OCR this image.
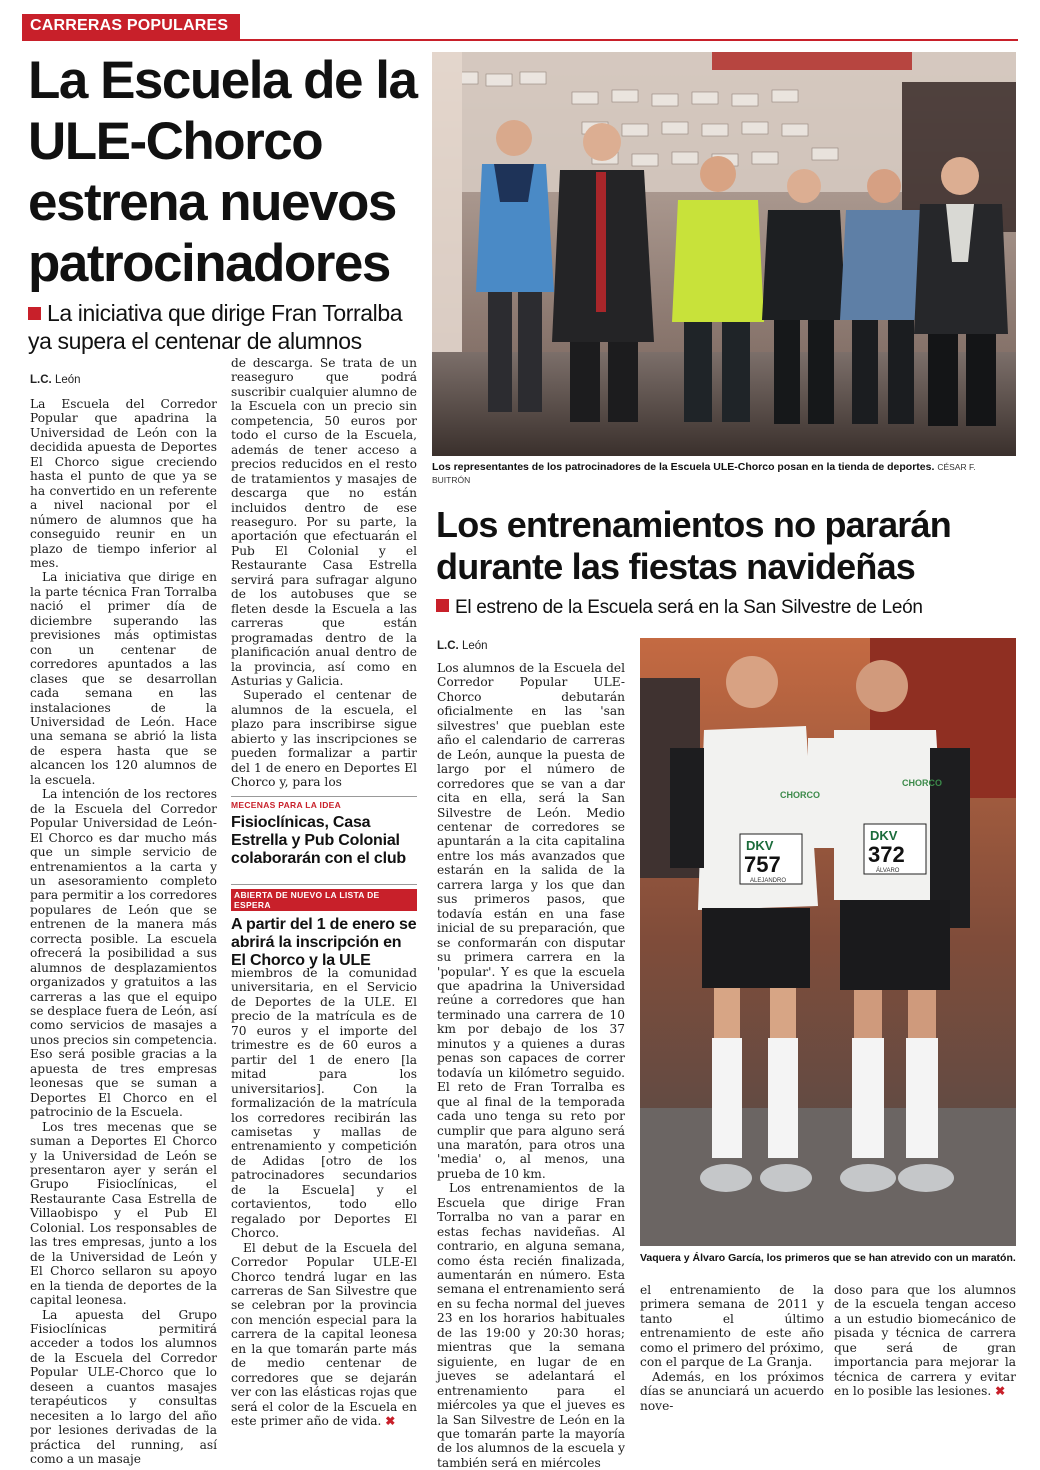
CARRERAS POPULARES
La Escuela de la ULE-Chorco estrena nuevos patrocinadores
La iniciativa que dirige Fran Torralba ya supera el centenar de alumnos
L.C. León

La Escuela del Corredor Popular que apadrina la Universidad de León con la decidida apuesta de Deportes El Chorco sigue creciendo hasta el punto de que ya se ha convertido en un referente a nivel nacional por el número de alumnos que ha conseguido reunir en un plazo de tiempo inferior al mes.

La iniciativa que dirige en la parte técnica Fran Torralba nació el primer día de diciembre superando las previsiones más optimistas con un centenar de corredores apuntados a las clases que se desarrollan cada semana en las instalaciones de la Universidad de León. Hace una semana se abrió la lista de espera hasta que se alcancen los 120 alumnos de la escuela.

La intención de los rectores de la Escuela del Corredor Popular Universidad de León-El Chorco es dar mucho más que un simple servicio de entrenamientos a la carta y un asesoramiento completo para permitir a los corredores populares de León que se entrenen de la manera más correcta posible. La escuela ofrecerá la posibilidad a sus alumnos de desplazamientos organizados y gratuitos a las carreras a las que el equipo se desplace fuera de León, así como servicios de masajes a unos precios sin competencia. Eso será posible gracias a la apuesta de tres empresas leonesas que se suman a Deportes El Chorco en el patrocinio de la Escuela.

Los tres mecenas que se suman a Deportes El Chorco y la Universidad de León se presentaron ayer y serán el Grupo Fisioclínicas, el Restaurante Casa Estrella de Villaobispo y el Pub El Colonial. Los responsables de las tres empresas, junto a los de la Universidad de León y El Chorco sellaron su apoyo en la tienda de deportes de la capital leonesa.

La apuesta del Grupo Fisioclínicas permitirá acceder a todos los alumnos de la Escuela del Corredor Popular ULE-Chorco que lo deseen a cuantos masajes terapéuticos y consultas necesiten a lo largo del año por lesiones derivadas de la práctica del running, así como a un masaje

de descarga. Se trata de un reaseguro que podrá suscribir cualquier alumno de la Escuela con un precio sin competencia, 50 euros por todo el curso de la Escuela, además de tener acceso a precios reducidos en el resto de tratamientos y masajes de descarga que no están incluidos dentro de ese reaseguro. Por su parte, la aportación que efectuarán el Pub El Colonial y el Restaurante Casa Estrella servirá para sufragar alguno de los autobuses que se fleten desde la Escuela a las carreras que están programadas dentro de la planificación anual dentro de la provincia, así como en Asturias y Galicia.

Superado el centenar de alumnos de la escuela, el plazo para inscribirse sigue abierto y las inscripciones se pueden formalizar a partir del 1 de enero en Deportes El Chorco y, para los

MECENAS PARA LA IDEA
Fisioclínicas, Casa Estrella y Pub Colonial colaborarán con el club
ABIERTA DE NUEVO LA LISTA DE ESPERA
A partir del 1 de enero se abrirá la inscripción en El Chorco y la ULE

miembros de la comunidad universitaria, en el Servicio de Deportes de la ULE. El precio de la matrícula es de 70 euros y el importe del trimestre es de 60 euros a partir del 1 de enero [la mitad para los universitarios]. Con la formalización de la matrícula los corredores recibirán las camisetas y mallas de entrenamiento y competición de Adidas [otro de los patrocinadores secundarios de la Escuela] y el cortavientos, todo ello regalado por Deportes El Chorco.

El debut de la Escuela del Corredor Popular ULE-El Chorco tendrá lugar en las carreras de San Silvestre que se celebran por la provincia con mención especial para la carrera de la capital leonesa en la que tomarán parte más de medio centenar de corredores que se dejarán ver con las elásticas rojas que será el color de la Escuela en este primer año de vida. ✖

Los representantes de los patrocinadores de la Escuela ULE-Chorco posan en la tienda de deportes. CÉSAR F. BUITRÓN
Los entrenamientos no pararán durante las fiestas navideñas
El estreno de la Escuela será en la San Silvestre de León
L.C. León

Los alumnos de la Escuela del Corredor Popular ULE-Chorco debutarán oficialmente en las 'san silvestres' que pueblan este año el calendario de carreras de León, aunque la puesta de largo por el número de corredores que se van a dar cita en ella, será la San Silvestre de León. Medio centenar de corredores se apuntarán a la cita capitalina entre los más avanzados que estarán en la salida de la carrera larga y los que dan sus primeros pasos, que todavía están en una fase inicial de su preparación, que se conformarán con disputar su primera carrera en la 'popular'. Y es que la escuela que apadrina la Universidad reúne a corredores que han terminado una carrera de 10 km por debajo de los 37 minutos y a quienes a duras penas son capaces de correr todavía un kilómetro seguido. El reto de Fran Torralba es que al final de la temporada cada uno tenga su reto por cumplir que para alguno será una maratón, para otros una 'media' o, al menos, una prueba de 10 km.

Los entrenamientos de la Escuela que dirige Fran Torralba no van a parar en estas fechas navideñas. Al contrario, en alguna semana, como ésta recién finalizada, aumentarán en número. Esta semana el entrenamiento será en su fecha normal del jueves 23 en los horarios habituales de las 19:00 y 20:30 horas; mientras que la semana siguiente, en lugar de en jueves se adelantará el entrenamiento para el miércoles ya que el jueves es la San Silvestre de León en la que tomarán parte la mayoría de los alumnos de la escuela y también será en miércoles

DKV
757
ALEJANDRO
CHORCO
DKV
372
ÁLVARO
CHORCO
Vaquera y Álvaro García, los primeros que se han atrevido con un maratón.

el entrenamiento de la primera semana de 2011 y tanto el último entrenamiento de este año como el primero del próximo, con el parque de La Granja.

Además, en los próximos días se anunciará un acuerdo nove-

doso para que los alumnos de la escuela tengan acceso a un estudio biomecánico de pisada y técnica de carrera que será de gran importancia para mejorar la técnica de carrera y evitar en lo posible las lesiones. ✖
